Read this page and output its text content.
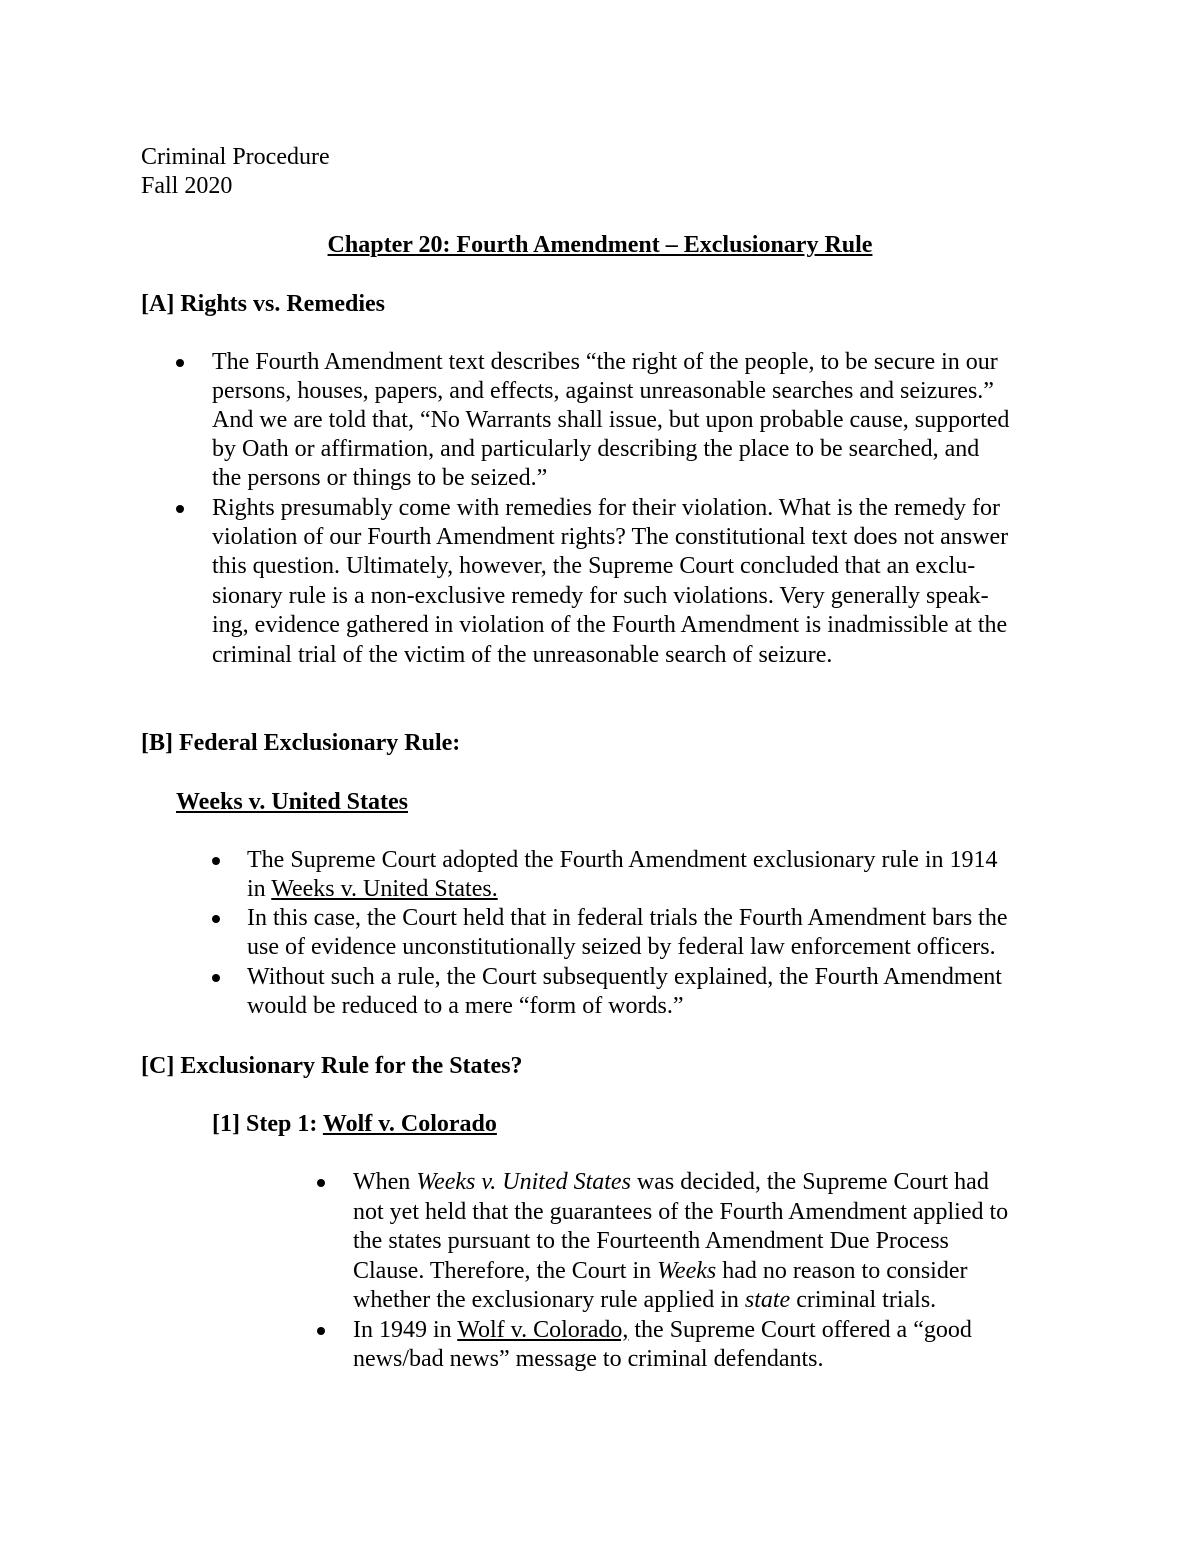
Criminal Procedure
Fall 2020
Chapter 20: Fourth Amendment – Exclusionary Rule
[A] Rights vs. Remedies
The Fourth Amendment text describes “the right of the people, to be secure in our
persons, houses, papers, and effects, against unreasonable searches and seizures.”
And we are told that, “No Warrants shall issue, but upon probable cause, supported
by Oath or affirmation, and particularly describing the place to be searched, and
the persons or things to be seized.”
Rights presumably come with remedies for their violation. What is the remedy for
violation of our Fourth Amendment rights? The constitutional text does not answer
this question. Ultimately, however, the Supreme Court concluded that an exclu-
sionary rule is a non-exclusive remedy for such violations. Very generally speak-
ing, evidence gathered in violation of the Fourth Amendment is inadmissible at the
criminal trial of the victim of the unreasonable search of seizure.
[B] Federal Exclusionary Rule:
Weeks v. United States
The Supreme Court adopted the Fourth Amendment exclusionary rule in 1914
in Weeks v. United States.
In this case, the Court held that in federal trials the Fourth Amendment bars the
use of evidence unconstitutionally seized by federal law enforcement officers.
Without such a rule, the Court subsequently explained, the Fourth Amendment
would be reduced to a mere “form of words.”
[C] Exclusionary Rule for the States?
[1] Step 1: Wolf v. Colorado
When Weeks v. United States was decided, the Supreme Court had
not yet held that the guarantees of the Fourth Amendment applied to
the states pursuant to the Fourteenth Amendment Due Process
Clause. Therefore, the Court in Weeks had no reason to consider
whether the exclusionary rule applied in state criminal trials.
In 1949 in Wolf v. Colorado, the Supreme Court offered a “good
news/bad news” message to criminal defendants.
